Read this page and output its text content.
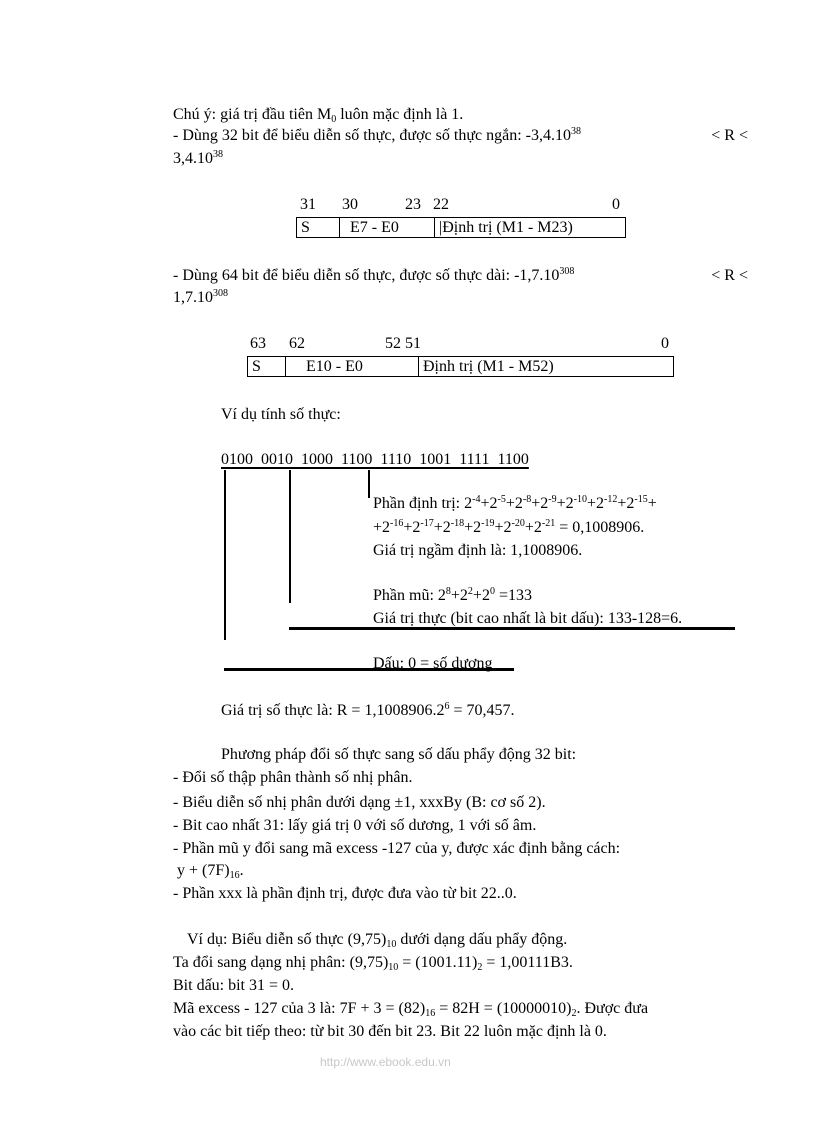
Chú ý: giá trị đầu tiên $M_0$ luôn mặc định là 1.
- Dùng 32 bit để biểu diễn số thực, được số thực ngắn: $-3,4.10^{38}$	< R <
$3,4.10^{38}$
31 30	23 22	0
S	E7 - E0	|Định trị (M1 - M23)
- Dùng 64 bit để biểu diễn số thực, được số thực dài: $-1,7.10^{308}$	< R <
$1,7.10^{308}$
63 62	52 51	0
S	E10 - E0	Định trị (M1 - M52)
Ví dụ tính số thực:
0100  0010  1000  1100  1110  1001  1111  1100
Phần định trị: $2^{-4}+2^{-5}+2^{-8}+2^{-9}+2^{-10}+2^{-12}+2^{-15}+$
$+2^{-16}+2^{-17}+2^{-18}+2^{-19}+2^{-20}+2^{-21} = 0,1008906$.
Giá trị ngầm định là: 1,1008906.
Phần mũ: $2^8+2^2+2^0 =133$
Giá trị thực (bit cao nhất là bit dấu): 133-128=6.
Dấu: 0 = số dương
Giá trị số thực là: $R = 1,1008906.2^6 = 70,457$.
Phương pháp đổi số thực sang số dấu phẩy động 32 bit:
- Đổi số thập phân thành số nhị phân.
- Biểu diễn số nhị phân dưới dạng ±1, xxxBy (B: cơ số 2).
- Bit cao nhất 31: lấy giá trị 0 với số dương, 1 với số âm.
- Phần mũ y đổi sang mã excess -127 của y, được xác định bằng cách:
$y + (7F)_{16}$.
- Phần xxx là phần định trị, được đưa vào từ bit 22..0.
Ví dụ: Biểu diễn số thực $(9,75)_{10}$ dưới dạng dấu phẩy động.
Ta đổi sang dạng nhị phân: $(9,75)_{10} = (1001.11)_2 = 1,00111B3$.
Bit dấu: bit 31 = 0.
Mã excess - 127 của 3 là: $7F + 3 = (82)_{16} = 82H = (10000010)_2$. Được đưa
vào các bit tiếp theo: từ bit 30 đến bit 23. Bit 22 luôn mặc định là 0.
http://www.ebook.edu.vn
